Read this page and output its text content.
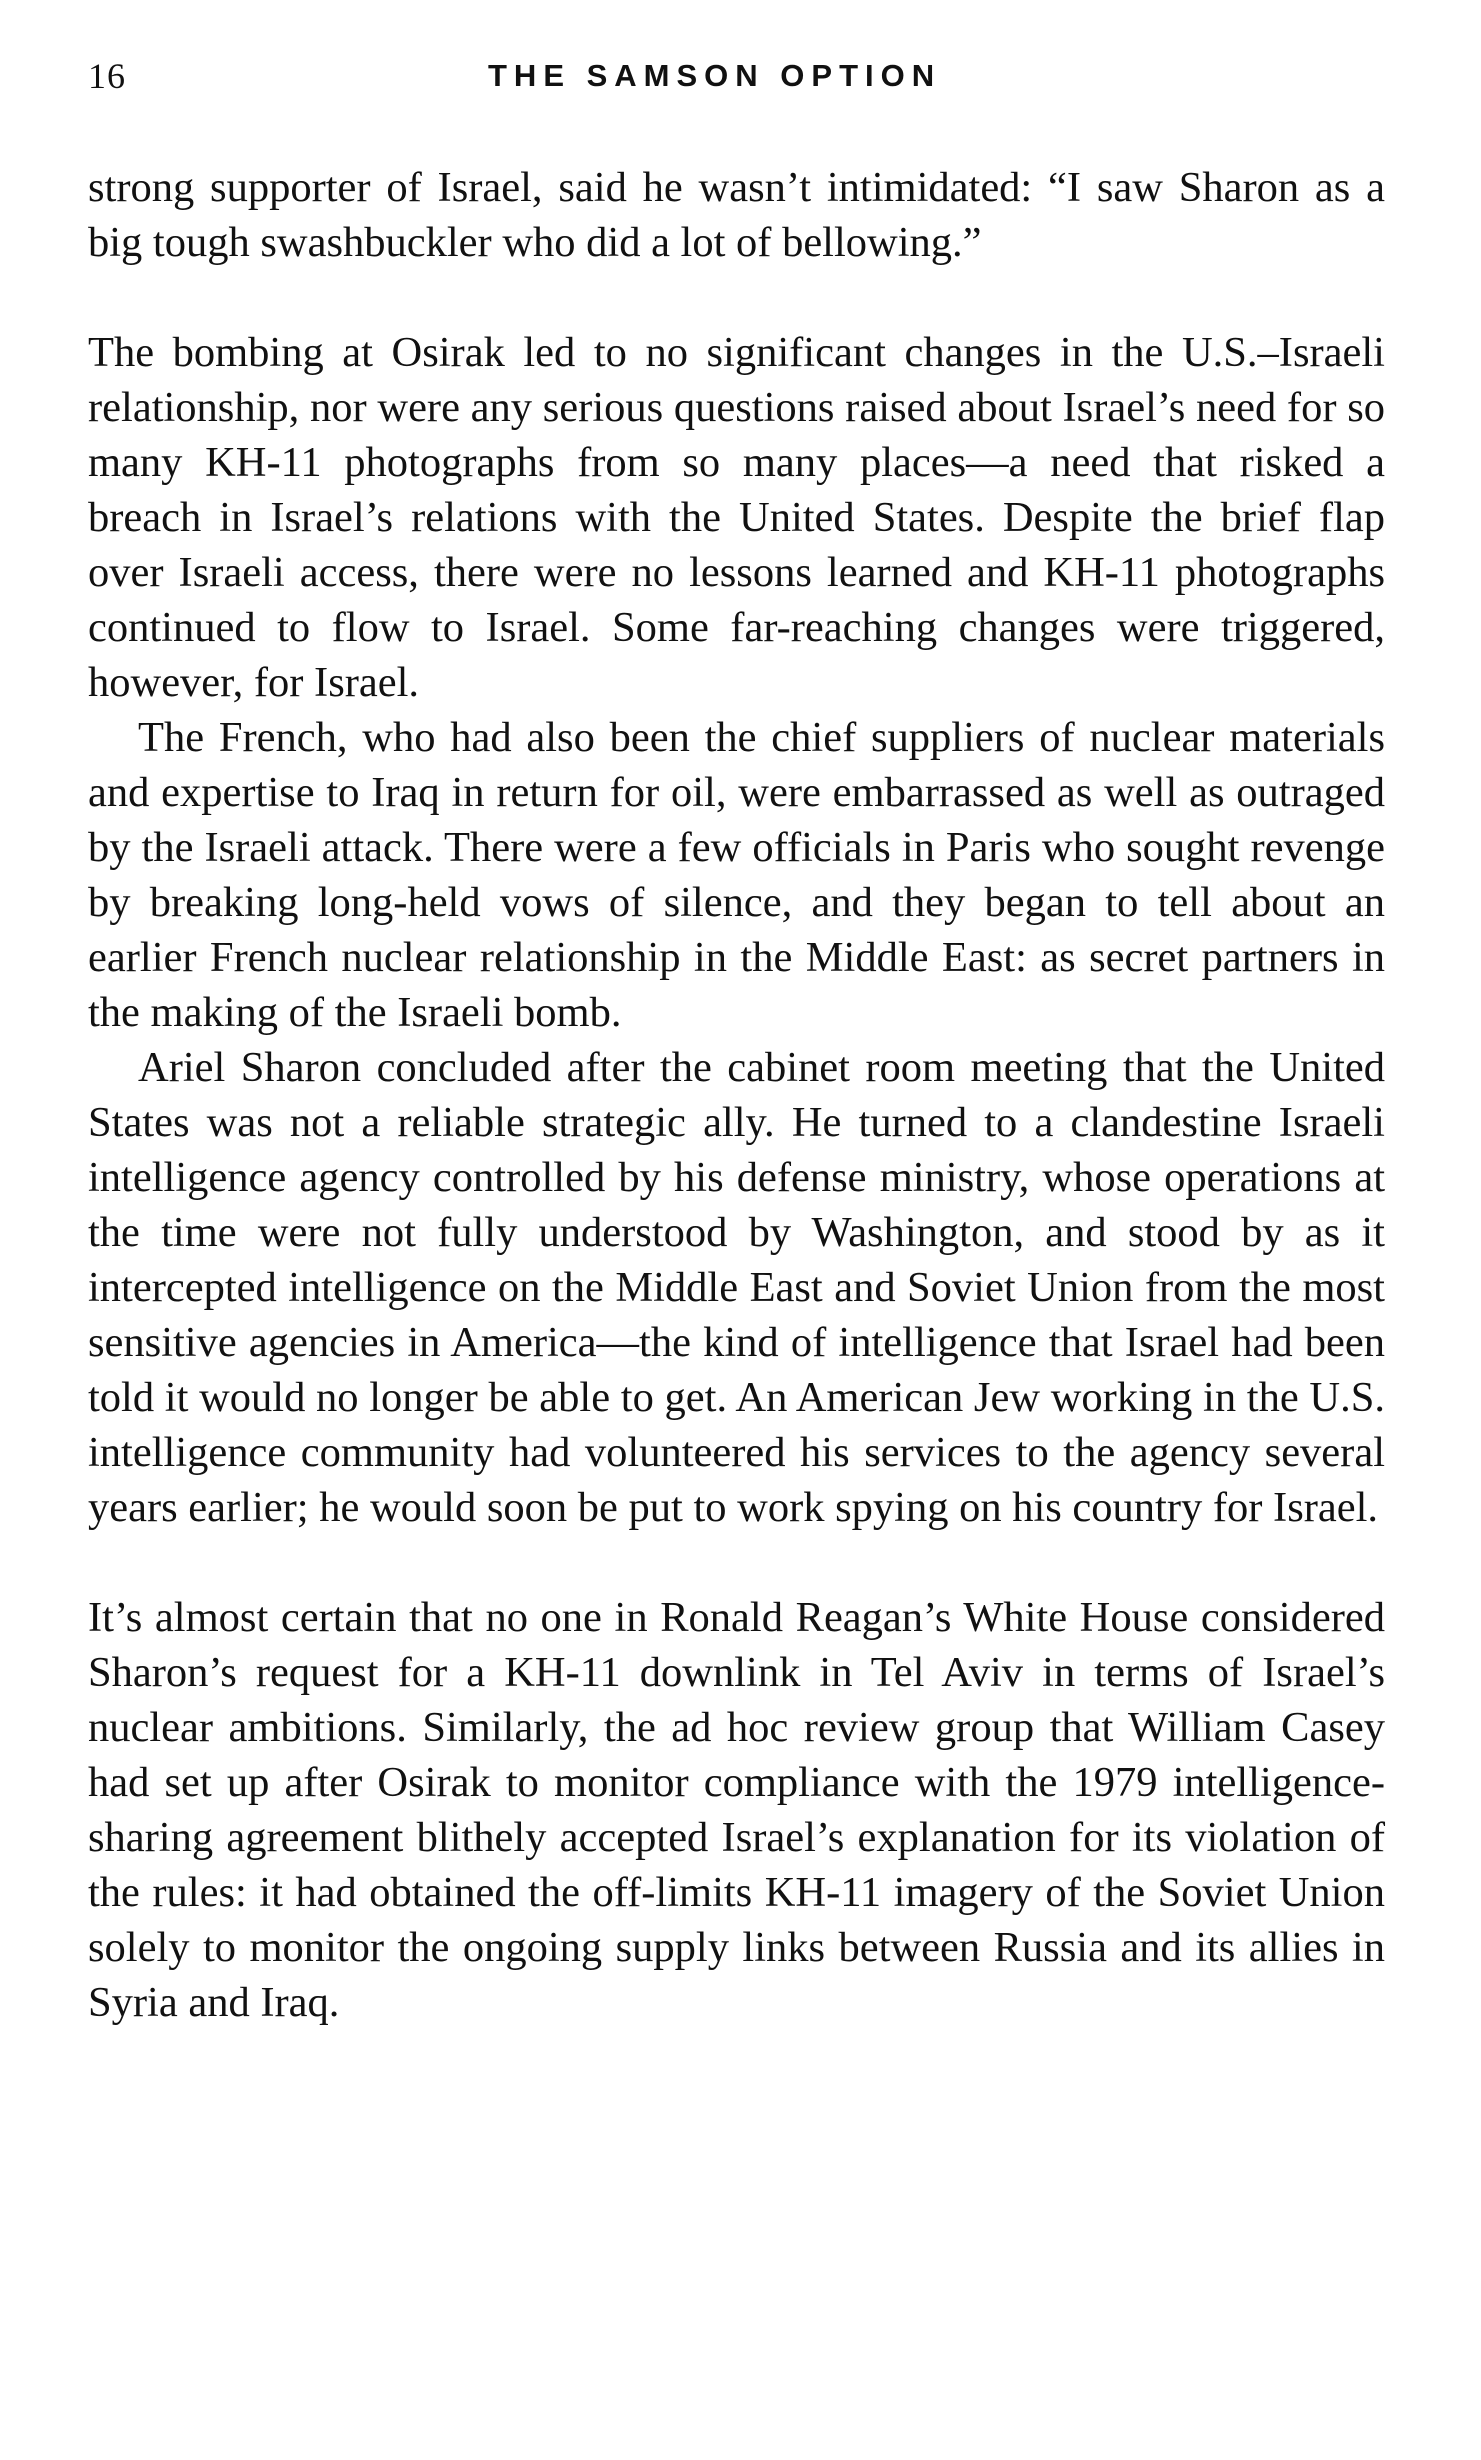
16	THE SAMSON OPTION

strong supporter of Israel, said he wasn’t intimidated: “I saw Sharon as a big tough swashbuckler who did a lot of bellowing.”

The bombing at Osirak led to no significant changes in the U.S.–Israeli relationship, nor were any serious questions raised about Israel’s need for so many KH-11 photographs from so many places—a need that risked a breach in Israel’s relations with the United States. Despite the brief flap over Israeli access, there were no lessons learned and KH-11 photographs continued to flow to Israel. Some far-reaching changes were triggered, however, for Israel.

The French, who had also been the chief suppliers of nuclear materials and expertise to Iraq in return for oil, were embarrassed as well as outraged by the Israeli attack. There were a few officials in Paris who sought revenge by breaking long-held vows of silence, and they began to tell about an earlier French nuclear relationship in the Middle East: as secret partners in the making of the Israeli bomb.

Ariel Sharon concluded after the cabinet room meeting that the United States was not a reliable strategic ally. He turned to a clandestine Israeli intelligence agency controlled by his defense ministry, whose operations at the time were not fully understood by Washington, and stood by as it intercepted intelligence on the Middle East and Soviet Union from the most sensitive agencies in America—the kind of intelligence that Israel had been told it would no longer be able to get. An American Jew working in the U.S. intelligence community had volunteered his services to the agency several years earlier; he would soon be put to work spying on his country for Israel.

It’s almost certain that no one in Ronald Reagan’s White House considered Sharon’s request for a KH-11 downlink in Tel Aviv in terms of Israel’s nuclear ambitions. Similarly, the ad hoc review group that William Casey had set up after Osirak to monitor compliance with the 1979 intelligence-sharing agreement blithely accepted Israel’s explanation for its violation of the rules: it had obtained the off-limits KH-11 imagery of the Soviet Union solely to monitor the ongoing supply links between Russia and its allies in Syria and Iraq.
